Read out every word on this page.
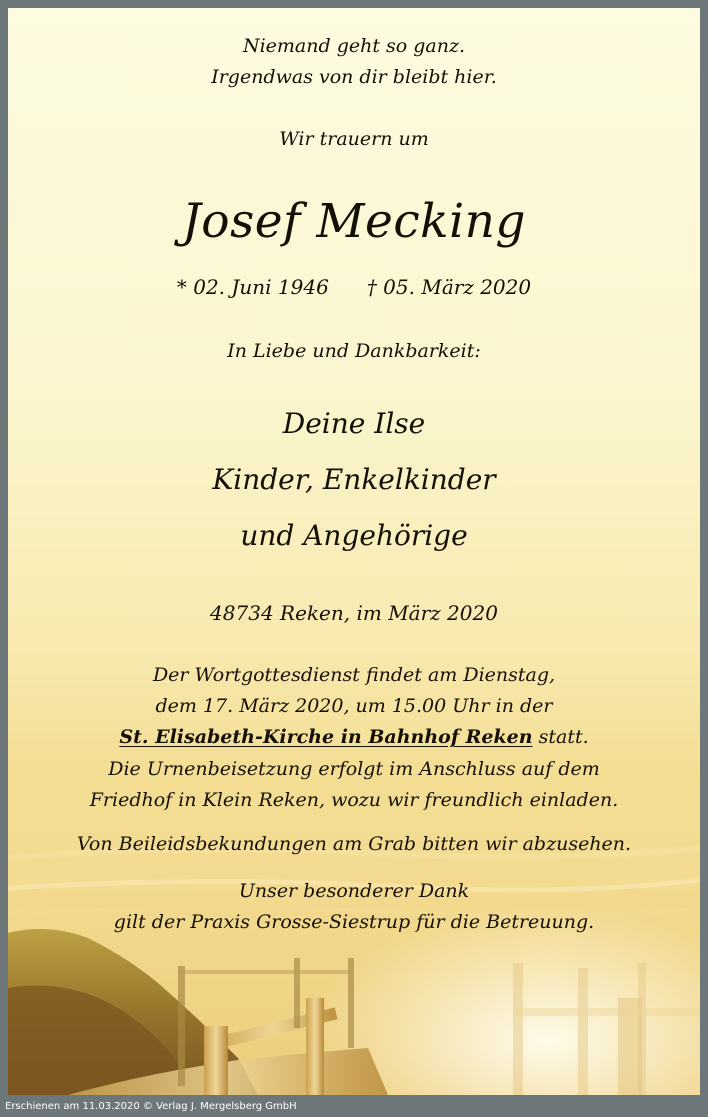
Niemand geht so ganz.

Irgendwas von dir bleibt hier.

Wir trauern um

Josef Mecking

* 02. Juni 1946 † 05. März 2020

In Liebe und Dankbarkeit:

Deine Ilse

Kinder, Enkelkinder

und Angehörige

48734 Reken, im März 2020

Der Wortgottesdienst findet am Dienstag,

dem 17. März 2020, um 15.00 Uhr in der

St. Elisabeth-Kirche in Bahnhof Reken statt.

Die Urnenbeisetzung erfolgt im Anschluss auf dem

Friedhof in Klein Reken, wozu wir freundlich einladen.

Von Beileidsbekundungen am Grab bitten wir abzusehen.

Unser besonderer Dank

gilt der Praxis Grosse-Siestrup für die Betreuung.

Erschienen am 11.03.2020 © Verlag J. Mergelsberg GmbH
